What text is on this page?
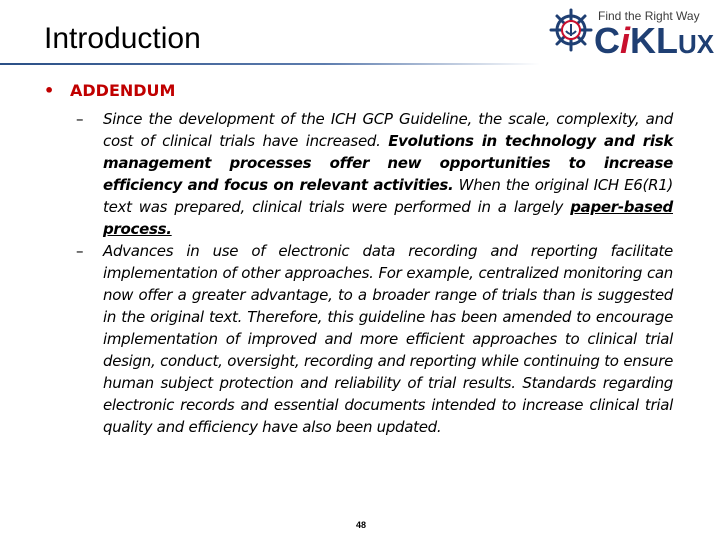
Introduction
Find the Right Way
CiKLUX
• ADDENDUM
– Since the development of the ICH GCP Guideline, the scale, complexity, and cost of clinical trials have increased. Evolutions in technology and risk management processes offer new opportunities to increase efficiency and focus on relevant activities. When the original ICH E6(R1) text was prepared, clinical trials were performed in a largely paper-based process.
– Advances in use of electronic data recording and reporting facilitate implementation of other approaches. For example, centralized monitoring can now offer a greater advantage, to a broader range of trials than is suggested in the original text. Therefore, this guideline has been amended to encourage implementation of improved and more efficient approaches to clinical trial design, conduct, oversight, recording and reporting while continuing to ensure human subject protection and reliability of trial results. Standards regarding electronic records and essential documents intended to increase clinical trial quality and efficiency have also been updated.
48
